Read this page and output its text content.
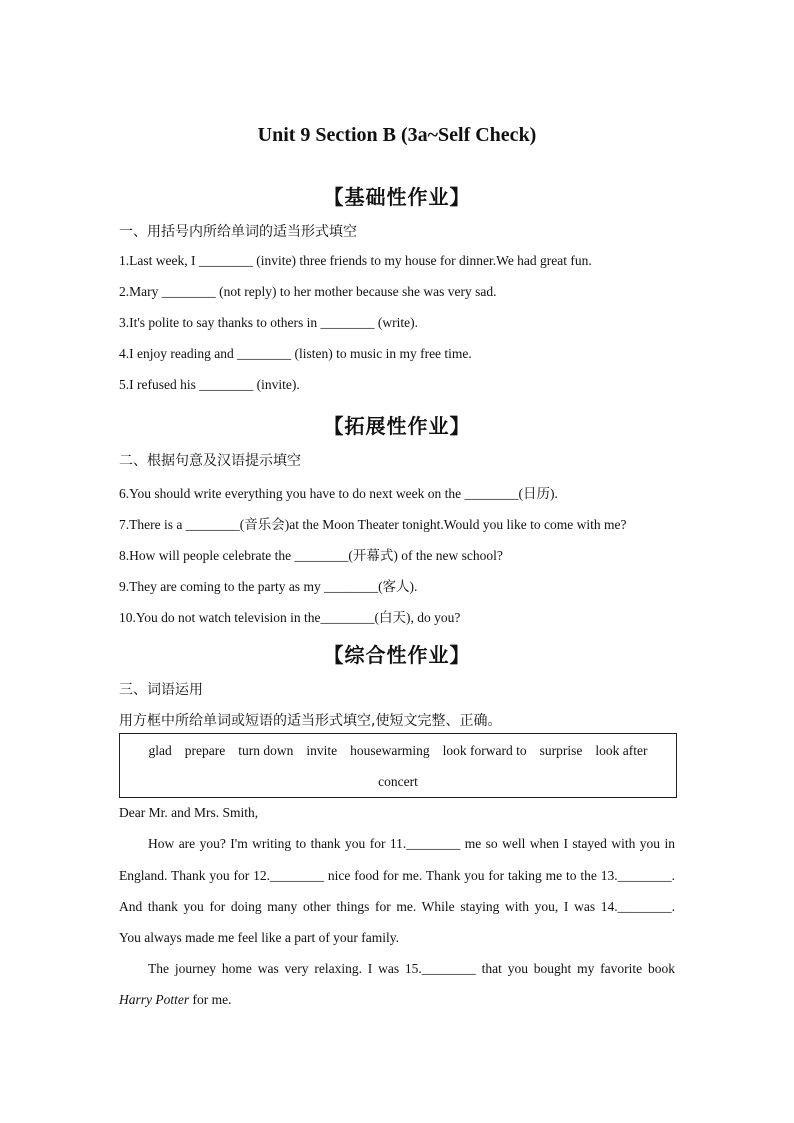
Unit 9 Section B (3a~Self Check)
【基础性作业】
一、用括号内所给单词的适当形式填空
1.Last week, I ________ (invite) three friends to my house for dinner.We had great fun.
2.Mary ________ (not reply) to her mother because she was very sad.
3.It's polite to say thanks to others in ________ (write).
4.I enjoy reading and ________ (listen) to music in my free time.
5.I refused his ________ (invite).
【拓展性作业】
二、根据句意及汉语提示填空
6.You should write everything you have to do next week on the ________(日历).
7.There is a ________(音乐会)at the Moon Theater tonight.Would you like to come with me?
8.How will people celebrate the ________(开幕式) of the new school?
9.They are coming to the party as my ________(客人).
10.You do not watch television in the________(白天), do you?
【综合性作业】
三、词语运用
用方框中所给单词或短语的适当形式填空,使短文完整、正确。
glad prepare turn down invite housewarming look forward to surprise look after
concert
Dear Mr. and Mrs. Smith,
How are you? I'm writing to thank you for 11.________ me so well when I stayed with you in
England. Thank you for 12.________ nice food for me. Thank you for taking me to the 13.________.
And thank you for doing many other things for me. While staying with you, I was 14.________.
You always made me feel like a part of your family.
The journey home was very relaxing. I was 15.________ that you bought my favorite book
Harry Potter for me.
